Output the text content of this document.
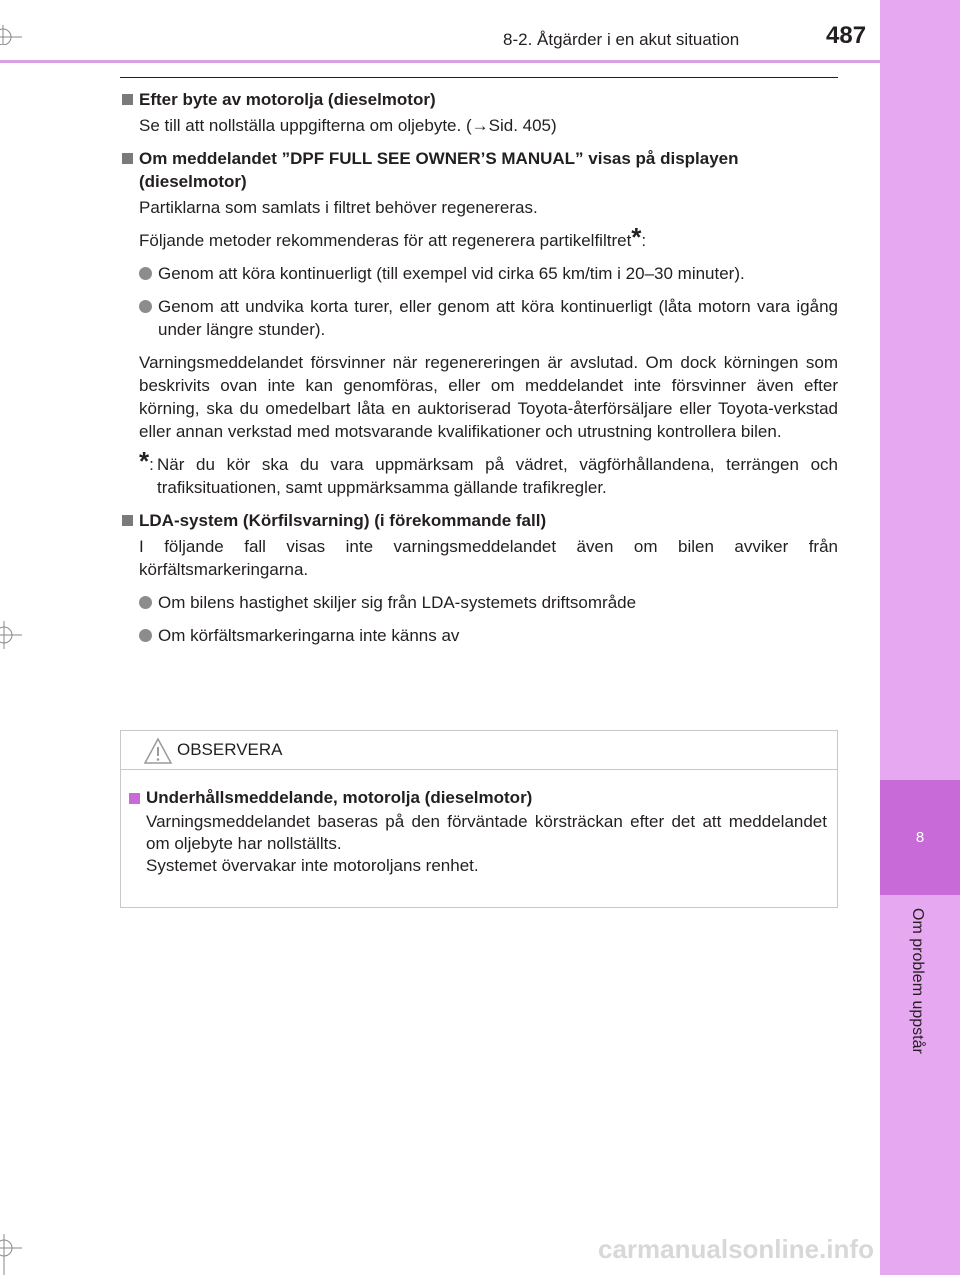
8
Om problem uppstår
8-2. Åtgärder i en akut situation	487
Efter byte av motorolja (dieselmotor)

Se till att nollställa uppgifterna om oljebyte. (→Sid. 405)

Om meddelandet ”DPF FULL SEE OWNER’S MANUAL” visas på displayen (dieselmotor)

Partiklarna som samlats i filtret behöver regenereras.

Följande metoder rekommenderas för att regenerera partikelfiltret*:

Genom att köra kontinuerligt (till exempel vid cirka 65 km/tim i 20–30 minuter).
Genom att undvika korta turer, eller genom att köra kontinuerligt (låta motorn vara igång under längre stunder).

Varningsmeddelandet försvinner när regenereringen är avslutad. Om dock körningen som beskrivits ovan inte kan genomföras, eller om meddelandet inte försvinner även efter körning, ska du omedelbart låta en auktoriserad Toyota-återförsäljare eller Toyota-verkstad eller annan verkstad med motsvarande kvalifikationer och utrustning kontrollera bilen.

*: När du kör ska du vara uppmärksam på vädret, vägförhållandena, terrängen och trafiksituationen, samt uppmärksamma gällande trafikregler.
LDA-system (Körfilsvarning) (i förekommande fall)

I följande fall visas inte varningsmeddelandet även om bilen avviker från körfältsmarkeringarna.

Om bilens hastighet skiljer sig från LDA-systemets driftsområde
Om körfältsmarkeringarna inte känns av
OBSERVERA
Underhållsmeddelande, motorolja (dieselmotor)
Varningsmeddelandet baseras på den förväntade körsträckan efter det att meddelandet om oljebyte har nollställts.
Systemet övervakar inte motoroljans renhet.
carmanualsonline.info
